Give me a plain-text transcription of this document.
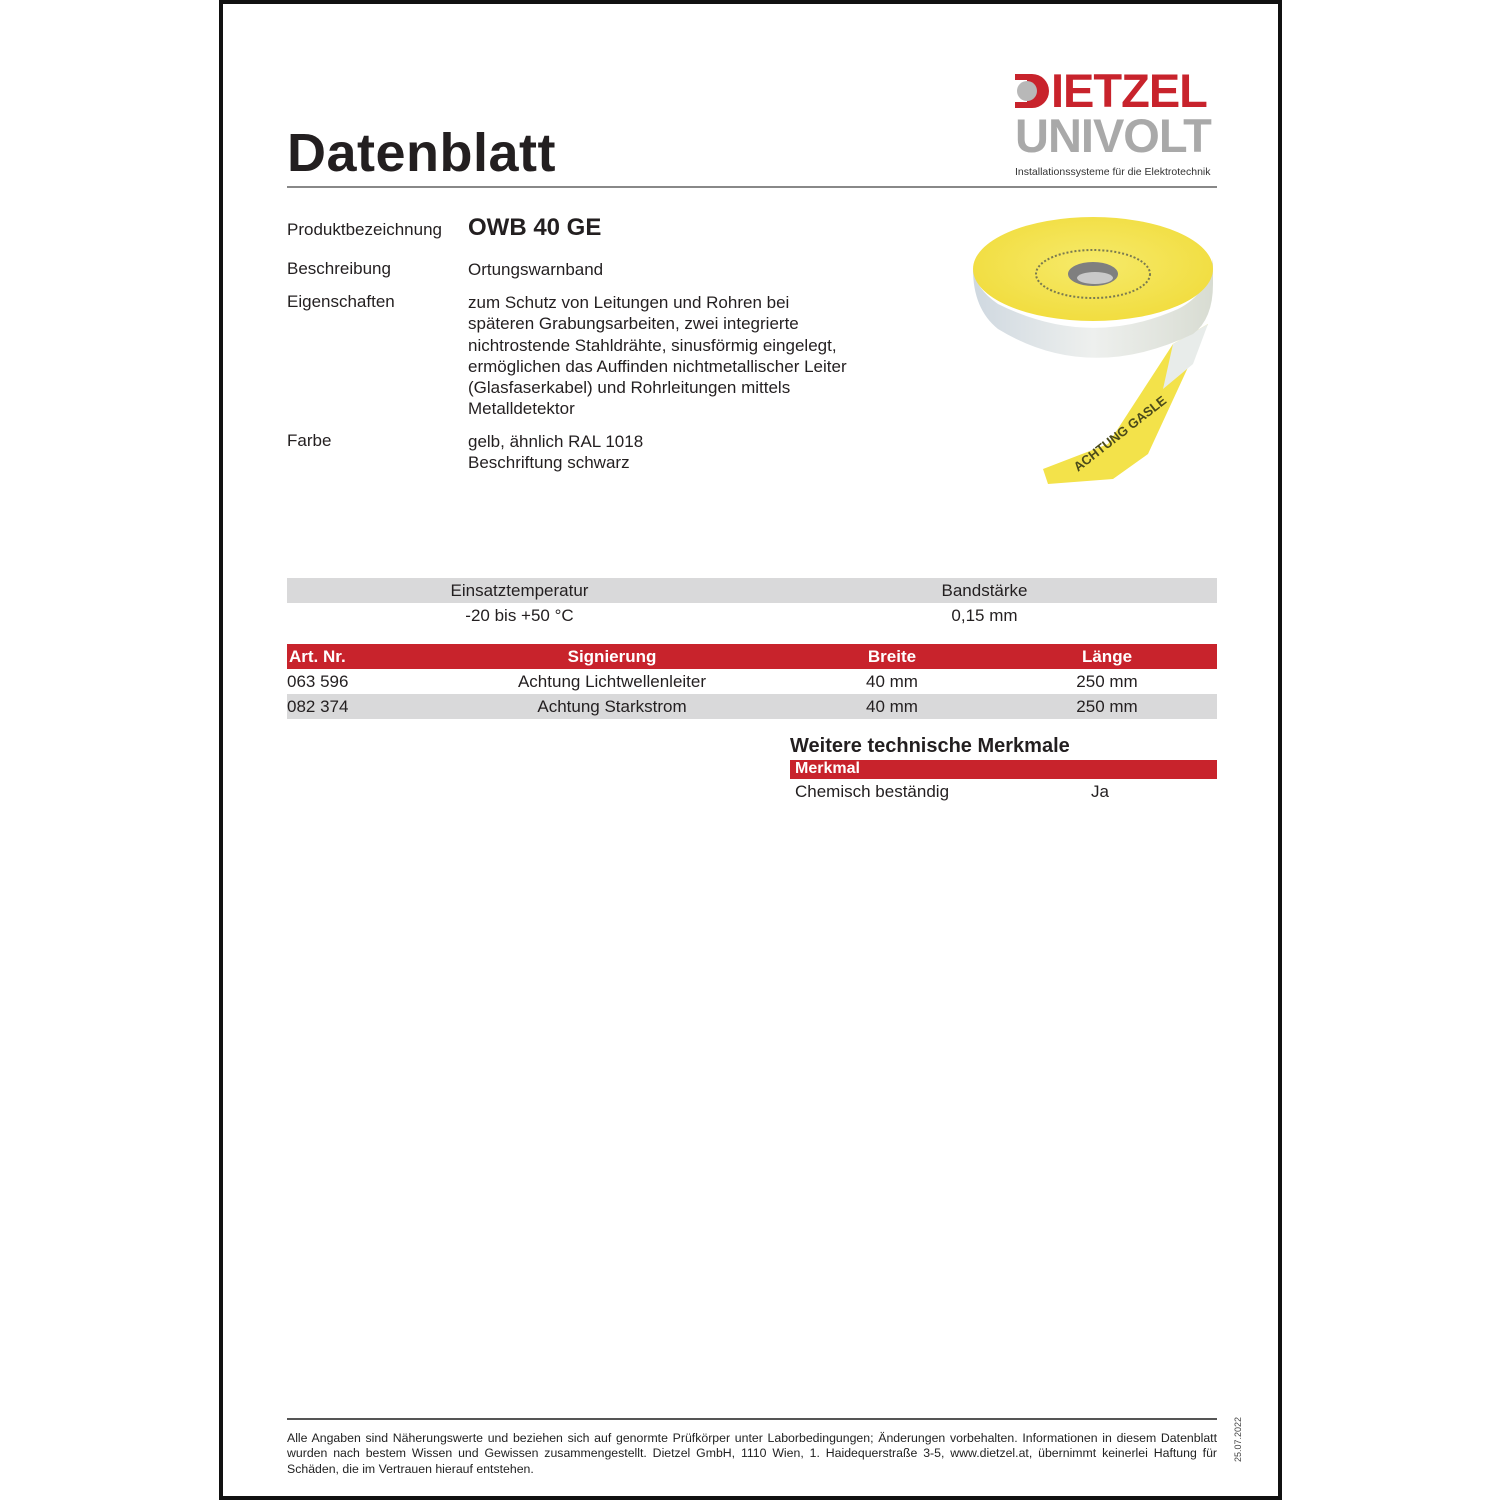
Datenblatt
IETZEL
UNIVOLT
Installationssysteme für die Elektrotechnik
Produktbezeichnung OWB 40 GE
Beschreibung	Ortungswarnband
Eigenschaften	zum Schutz von Leitungen und Rohren bei
späteren Grabungsarbeiten, zwei integrierte
nichtrostende Stahldrähte, sinusförmig eingelegt,
ermöglichen das Auffinden nichtmetallischer Leiter
(Glasfaserkabel) und Rohrleitungen mittels
Metalldetektor
Farbe	gelb, ähnlich RAL 1018
Beschriftung schwarz	ACHTUNG GASLE
Einsatztemperatur	Bandstärke
-20 bis +50 °C	0,15 mm
Art. Nr.	Signierung	Breite	Länge
063 596	Achtung Lichtwellenleiter	40 mm	250 mm
082 374	Achtung Starkstrom	40 mm	250 mm
Weitere technische Merkmale
Merkmal
Chemisch beständig	Ja
Alle Angaben sind Näherungswerte und beziehen sich auf genormte Prüfkörper unter Laborbedingungen; Änderungen vorbehalten. Informationen in diesem Datenblatt wurden nach bestem Wissen und Gewissen zusammengestellt. Dietzel GmbH, 1110 Wien, 1. Haidequerstraße 3-5, www.dietzel.at, übernimmt keinerlei Haftung für Schäden, die im Vertrauen hierauf entstehen.
25.07.2022
